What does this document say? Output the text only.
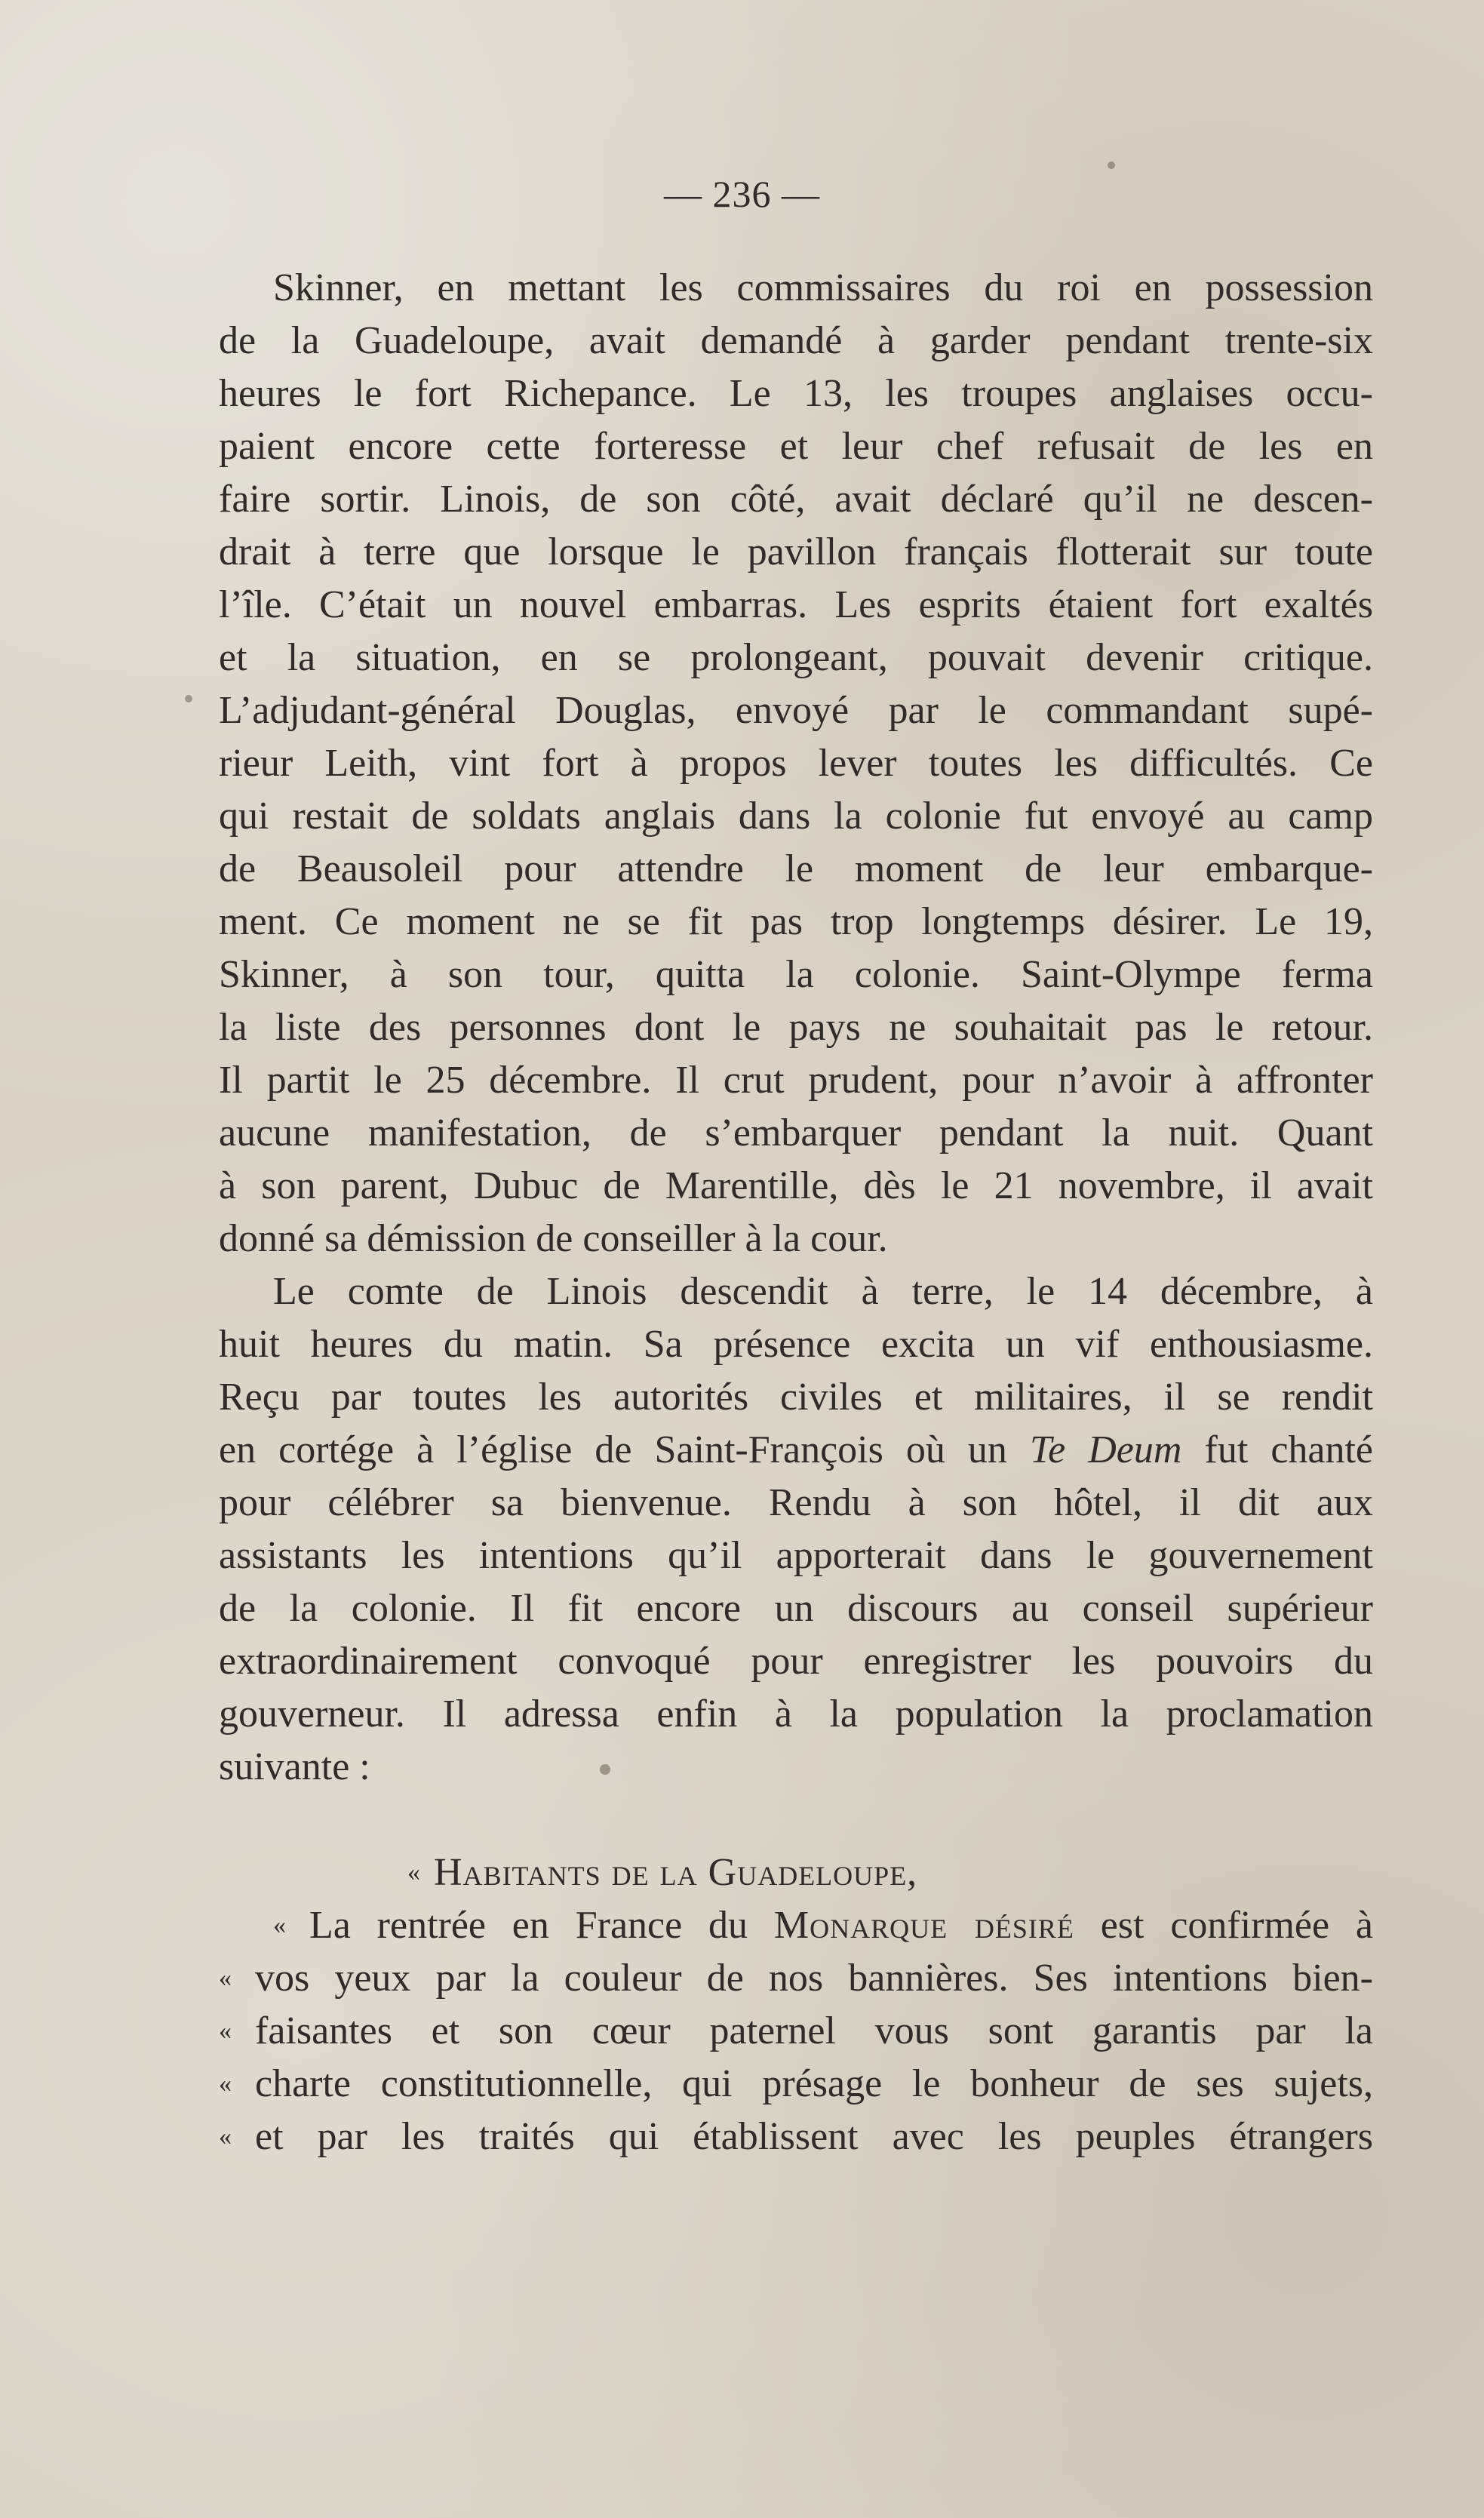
— 236 —
Skinner, en mettant les commissaires du roi en possession
de la Guadeloupe, avait demandé à garder pendant trente-six
heures le fort Richepance. Le 13, les troupes anglaises occu-
paient encore cette forteresse et leur chef refusait de les en
faire sortir. Linois, de son côté, avait déclaré qu’il ne descen-
drait à terre que lorsque le pavillon français flotterait sur toute
l’île. C’était un nouvel embarras. Les esprits étaient fort exaltés
et la situation, en se prolongeant, pouvait devenir critique.
L’adjudant-général Douglas, envoyé par le commandant supé-
rieur Leith, vint fort à propos lever toutes les difficultés. Ce
qui restait de soldats anglais dans la colonie fut envoyé au camp
de Beausoleil pour attendre le moment de leur embarque-
ment. Ce moment ne se fit pas trop longtemps désirer. Le 19,
Skinner, à son tour, quitta la colonie. Saint-Olympe ferma
la liste des personnes dont le pays ne souhaitait pas le retour.
Il partit le 25 décembre. Il crut prudent, pour n’avoir à affronter
aucune manifestation, de s’embarquer pendant la nuit. Quant
à son parent, Dubuc de Marentille, dès le 21 novembre, il avait
donné sa démission de conseiller à la cour.
Le comte de Linois descendit à terre, le 14 décembre, à
huit heures du matin. Sa présence excita un vif enthousiasme.
Reçu par toutes les autorités civiles et militaires, il se rendit
en cortége à l’église de Saint-François où un Te Deum fut chanté
pour célébrer sa bienvenue. Rendu à son hôtel, il dit aux
assistants les intentions qu’il apporterait dans le gouvernement
de la colonie. Il fit encore un discours au conseil supérieur
extraordinairement convoqué pour enregistrer les pouvoirs du
gouverneur. Il adressa enfin à la population la proclamation
suivante :
« Habitants de la Guadeloupe,
« La rentrée en France du Monarque désiré est confirmée à
« vos yeux par la couleur de nos bannières. Ses intentions bien-
« faisantes et son cœur paternel vous sont garantis par la
« charte constitutionnelle, qui présage le bonheur de ses sujets,
« et par les traités qui établissent avec les peuples étrangers
